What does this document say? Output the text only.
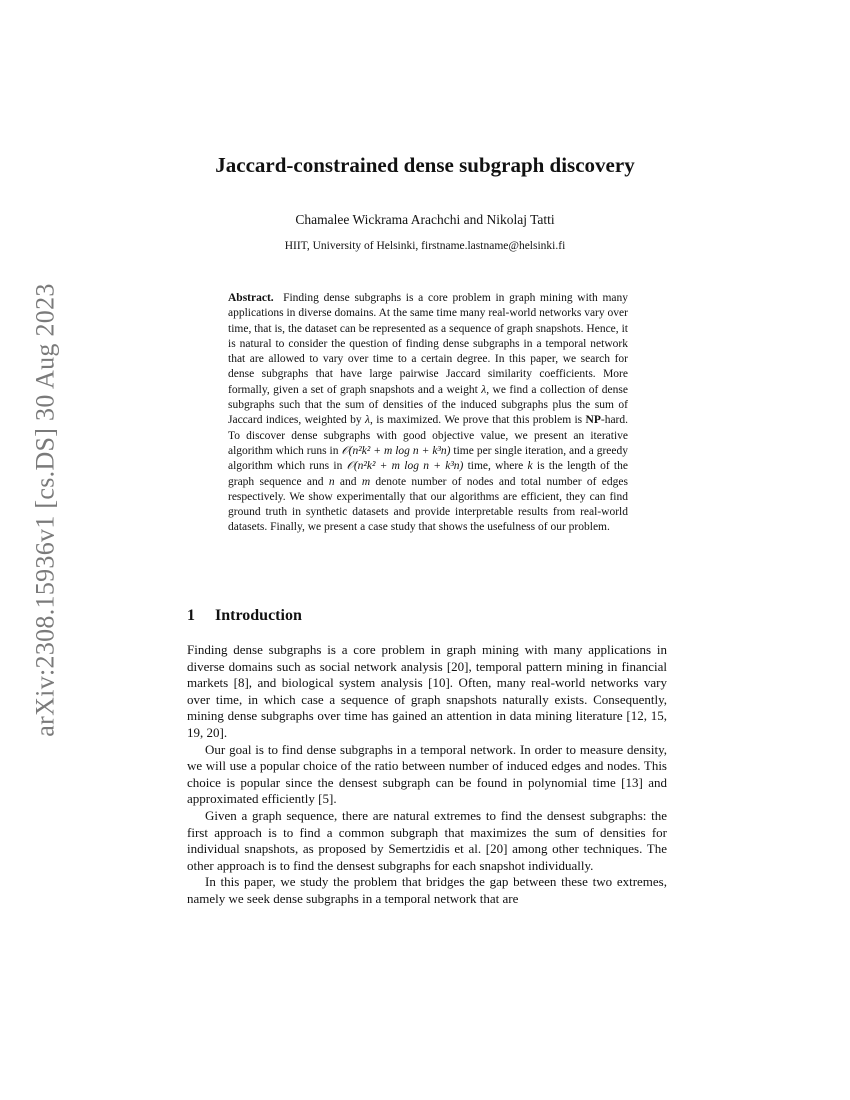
arXiv:2308.15936v1 [cs.DS] 30 Aug 2023
Jaccard-constrained dense subgraph discovery
Chamalee Wickrama Arachchi and Nikolaj Tatti
HIIT, University of Helsinki, firstname.lastname@helsinki.fi

Abstract. Finding dense subgraphs is a core problem in graph mining with many applications in diverse domains. At the same time many real-world networks vary over time, that is, the dataset can be represented as a sequence of graph snapshots. Hence, it is natural to consider the question of finding dense subgraphs in a temporal network that are allowed to vary over time to a certain degree. In this paper, we search for dense subgraphs that have large pairwise Jaccard similarity coefficients. More formally, given a set of graph snapshots and a weight λ, we find a collection of dense subgraphs such that the sum of densities of the induced subgraphs plus the sum of Jaccard indices, weighted by λ, is maximized. We prove that this problem is NP-hard. To discover dense subgraphs with good objective value, we present an iterative algorithm which runs in 𝒪(n²k² + m log n + k³n) time per single iteration, and a greedy algorithm which runs in 𝒪(n²k² + m log n + k³n) time, where k is the length of the graph sequence and n and m denote number of nodes and total number of edges respectively. We show experimentally that our algorithms are efficient, they can find ground truth in synthetic datasets and provide interpretable results from real-world datasets. Finally, we present a case study that shows the usefulness of our problem.

1 Introduction

Finding dense subgraphs is a core problem in graph mining with many applications in diverse domains such as social network analysis [20], temporal pattern mining in financial markets [8], and biological system analysis [10]. Often, many real-world networks vary over time, in which case a sequence of graph snapshots naturally exists. Consequently, mining dense subgraphs over time has gained an attention in data mining literature [12, 15, 19, 20].

Our goal is to find dense subgraphs in a temporal network. In order to measure density, we will use a popular choice of the ratio between number of induced edges and nodes. This choice is popular since the densest subgraph can be found in polynomial time [13] and approximated efficiently [5].

Given a graph sequence, there are natural extremes to find the densest subgraphs: the first approach is to find a common subgraph that maximizes the sum of densities for individual snapshots, as proposed by Semertzidis et al. [20] among other techniques. The other approach is to find the densest subgraphs for each snapshot individually.

In this paper, we study the problem that bridges the gap between these two extremes, namely we seek dense subgraphs in a temporal network that are
